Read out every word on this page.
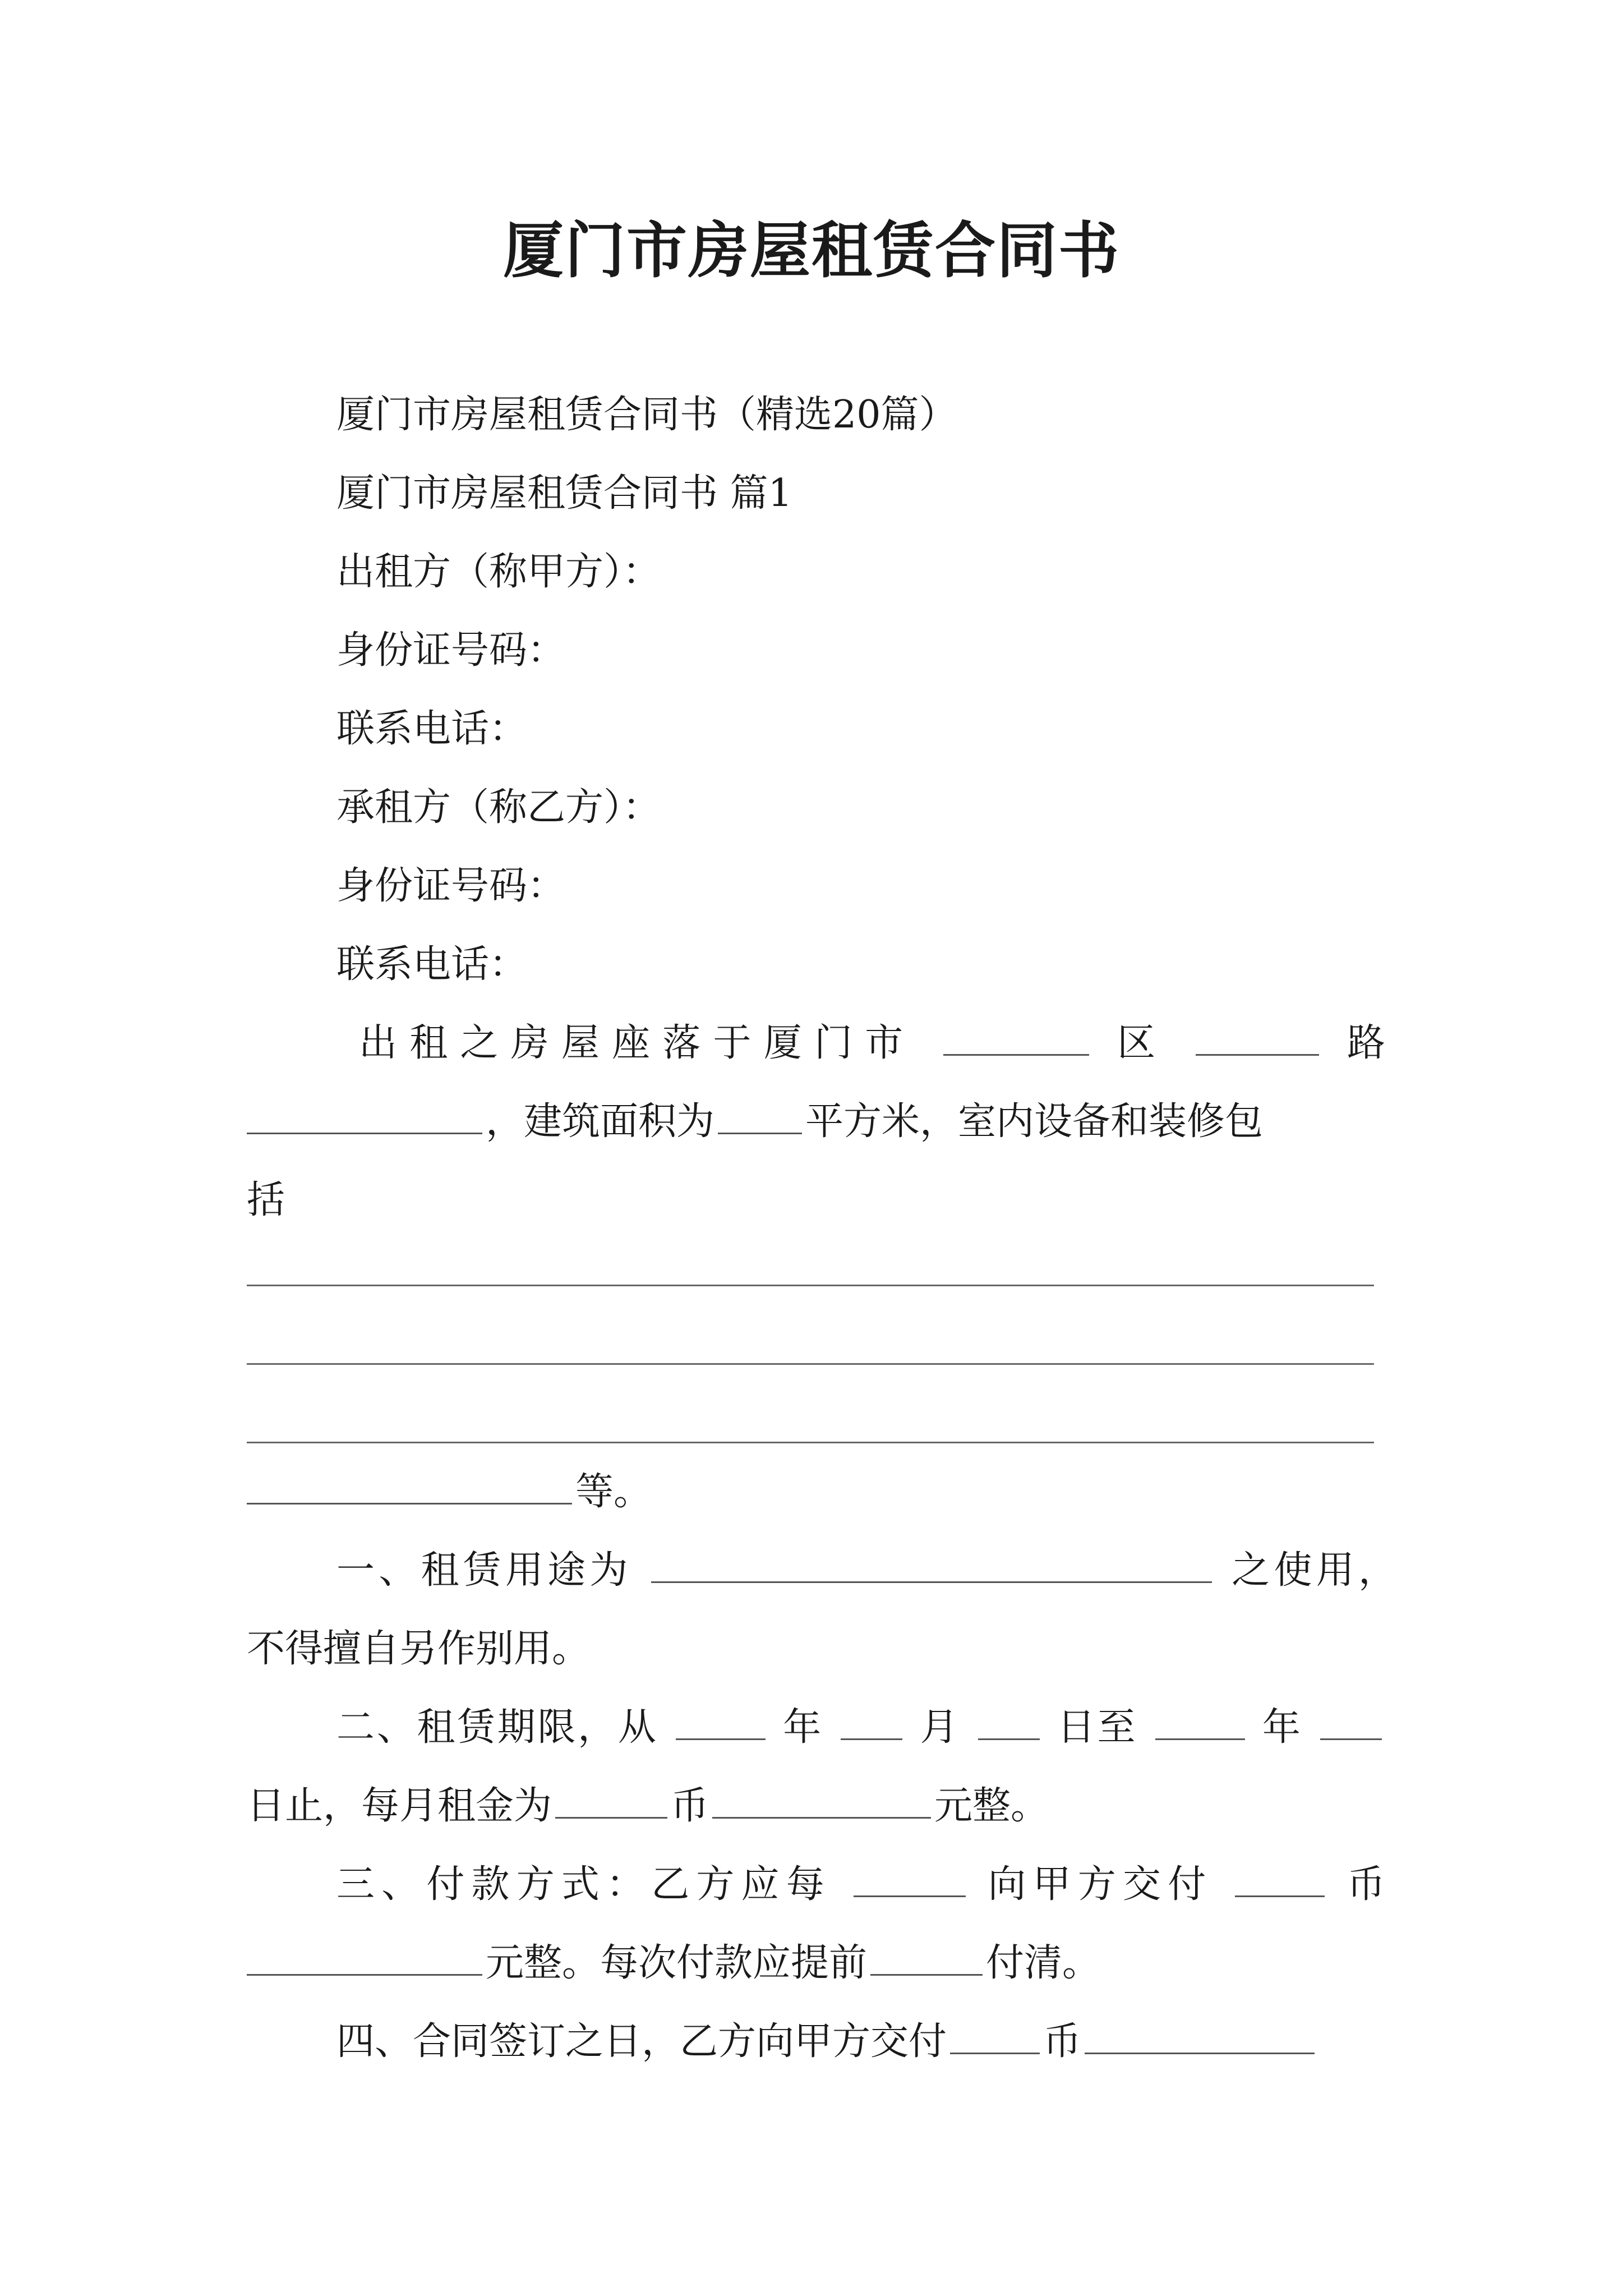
厦门市房屋租赁合同书
厦门市房屋租赁合同书（精选20篇）
厦门市房屋租赁合同书 篇1
出租方（称甲方）：
身份证号码：
联系电话：
承租方（称乙方）：
身份证号码：
联系电话：
出租之房屋座落于厦门市	区	路
，建筑面积为 平方米，室内设备和装修包
括
等。
一、租赁用途为	之使用，
不得擅自另作别用。
二、租赁期限，从	年	月	日至	年
日止，每月租金为	币	元整。
三、付款方式：乙方应每	向甲方交付	币
元整。每次付款应提前	付清。
四、合同签订之日，乙方向甲方交付	币
